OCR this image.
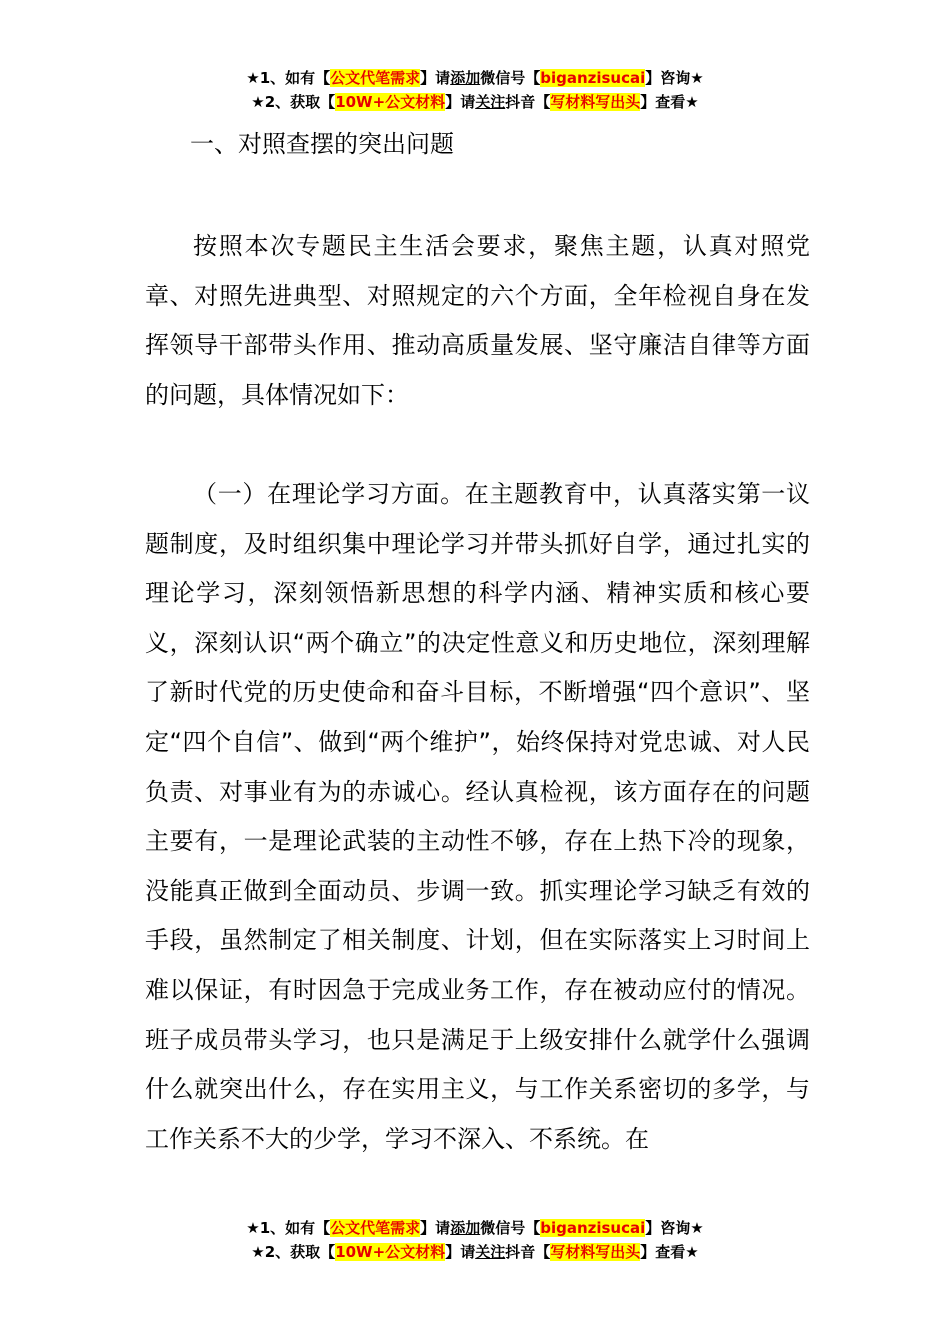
★1、如有【公文代笔需求】请添加微信号【biganzisucai】咨询★
★2、获取【10W+公文材料】请关注抖音【写材料写出头】查看★
一、对照查摆的突出问题

按照本次专题民主生活会要求，聚焦主题，认真对照党章、对照先进典型、对照规定的六个方面，全年检视自身在发挥领导干部带头作用、推动高质量发展、坚守廉洁自律等方面的问题，具体情况如下：

（一）在理论学习方面。在主题教育中，认真落实第一议题制度，及时组织集中理论学习并带头抓好自学，通过扎实的理论学习，深刻领悟新思想的科学内涵、精神实质和核心要义，深刻认识“两个确立”的决定性意义和历史地位，深刻理解了新时代党的历史使命和奋斗目标，不断增强“四个意识”、坚定“四个自信”、做到“两个维护”，始终保持对党忠诚、对人民负责、对事业有为的赤诚心。经认真检视，该方面存在的问题主要有，一是理论武装的主动性不够，存在上热下冷的现象，没能真正做到全面动员、步调一致。抓实理论学习缺乏有效的手段，虽然制定了相关制度、计划，但在实际落实上习时间上难以保证，有时因急于完成业务工作，存在被动应付的情况。班子成员带头学习，也只是满足于上级安排什么就学什么强调什么就突出什么，存在实用主义，与工作关系密切的多学，与工作关系不大的少学，学习不深入、不系统。在

★1、如有【公文代笔需求】请添加微信号【biganzisucai】咨询★
★2、获取【10W+公文材料】请关注抖音【写材料写出头】查看★
